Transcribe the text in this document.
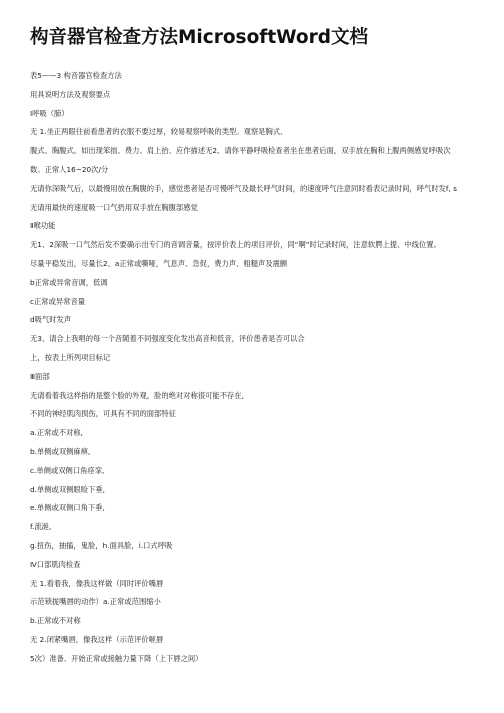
构音器官检查方法MicrosoftWord文档

表5——3 构音器官检查方法

用具说明方法及观察要点

Ⅰ呼吸（肺）

无 1.坐正两眼往前看患者的衣服不要过厚，较易观察呼吸的类型。观察是胸式、

腹式、胸腹式。如出现笨拙、费力、肩上抬、应作描述无2、请你平静呼吸检查者坐在患者后面，双手放在胸和上腹两侧感觉呼吸次

数。正常人16~20次/分

无请你深吸气后，以最慢用放在胸腹的手，感觉患者是否可慢呼气及最长呼气时间，的速度呼气注意同时看表记录时间，呼气时发f, s

无请用最快的速度吸一口气扔用双手放在胸腹部感觉

Ⅱ喉功能

无1、2深吸一口气然后发不要确示出专门的音调音量，按评价表上的项目评价，同“啊”时记录时间，注意软腭上提、中线位置。

尽量平稳发出，尽量长2、a正常或嘶哑，气息声、急促，费力声、粗糙声及震颤

b正常或异常音调，低调

c正常或异常音量

d吸气时发声

无3、请合上我唱的每一个音随着不同强度变化发出高音和低音，评价患者是否可以合

上，按表上所列项目标记

Ⅲ面部

无请看着我这样指的是整个脸的外观，脸的绝对对称很可能不存在,

不同的神经肌肉损伤，可具有不同的面部特征

a.正常或不对称,

b.单侧或双侧麻痹,

c.单侧或双侧口角痉挛,

d.单侧或双侧眼睑下垂,

e.单侧或双侧口角下垂,

f.流涎,

g.扭伤，抽搐，鬼脸，h.面具脸，i.口式呼吸

Ⅳ口部肌肉检查

无 1.看着我，像我这样做（同时评价嘴唇

示范锁拢嘴唇的动作）a.正常或范围缩小

b.正常或不对称

无 2.闭紧嘴唇，像我这样（示范评价咂唇

5次）准备、开始正常或接触力量下降（上下唇之间）
